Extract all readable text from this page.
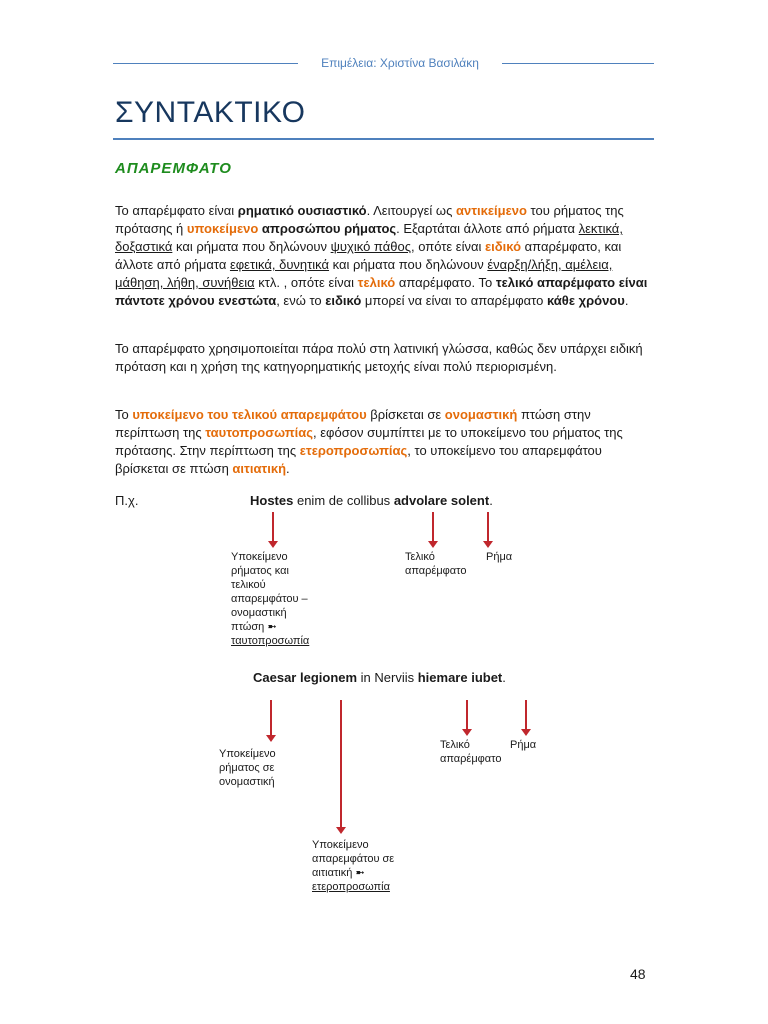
Επιμέλεια: Χριστίνα Βασιλάκη
ΣΥΝΤΑΚΤΙΚΟ
ΑΠΑΡΕΜΦΑΤΟ
Το απαρέμφατο είναι ρηματικό ουσιαστικό. Λειτουργεί ως αντικείμενο του ρήματος της πρότασης ή υποκείμενο απροσώπου ρήματος. Εξαρτάται άλλοτε από ρήματα λεκτικά, δοξαστικά και ρήματα που δηλώνουν ψυχικό πάθος, οπότε είναι ειδικό απαρέμφατο, και άλλοτε από ρήματα εφετικά, δυνητικά και ρήματα που δηλώνουν έναρξη/λήξη, αμέλεια, μάθηση, λήθη, συνήθεια κτλ. , οπότε είναι τελικό απαρέμφατο. Το τελικό απαρέμφατο είναι πάντοτε χρόνου ενεστώτα, ενώ το ειδικό μπορεί να είναι το απαρέμφατο κάθε χρόνου.
Το απαρέμφατο χρησιμοποιείται πάρα πολύ στη λατινική γλώσσα, καθώς δεν υπάρχει ειδική πρόταση και η χρήση της κατηγορηματικής μετοχής είναι πολύ περιορισμένη.
Το υποκείμενο του τελικού απαρεμφάτου βρίσκεται σε ονομαστική πτώση στην περίπτωση της ταυτοπροσωπίας, εφόσον συμπίπτει με το υποκείμενο του ρήματος της πρότασης. Στην περίπτωση της ετεροπροσωπίας, το υποκείμενο του απαρεμφάτου βρίσκεται σε πτώση αιτιατική.
Π.χ.	Hostes enim de collibus advolare solent.
Υποκείμενο
ρήματος και
τελικού
απαρεμφάτου –
ονομαστική
πτώση ➼
ταυτοπροσωπία
Τελικό
απαρέμφατο
Ρήμα
Caesar legionem in Nerviis hiemare iubet.
Υποκείμενο
ρήματος σε
ονομαστική
Τελικό
απαρέμφατο
Ρήμα
Υποκείμενο
απαρεμφάτου σε
αιτιατική ➼
ετεροπροσωπία
48
